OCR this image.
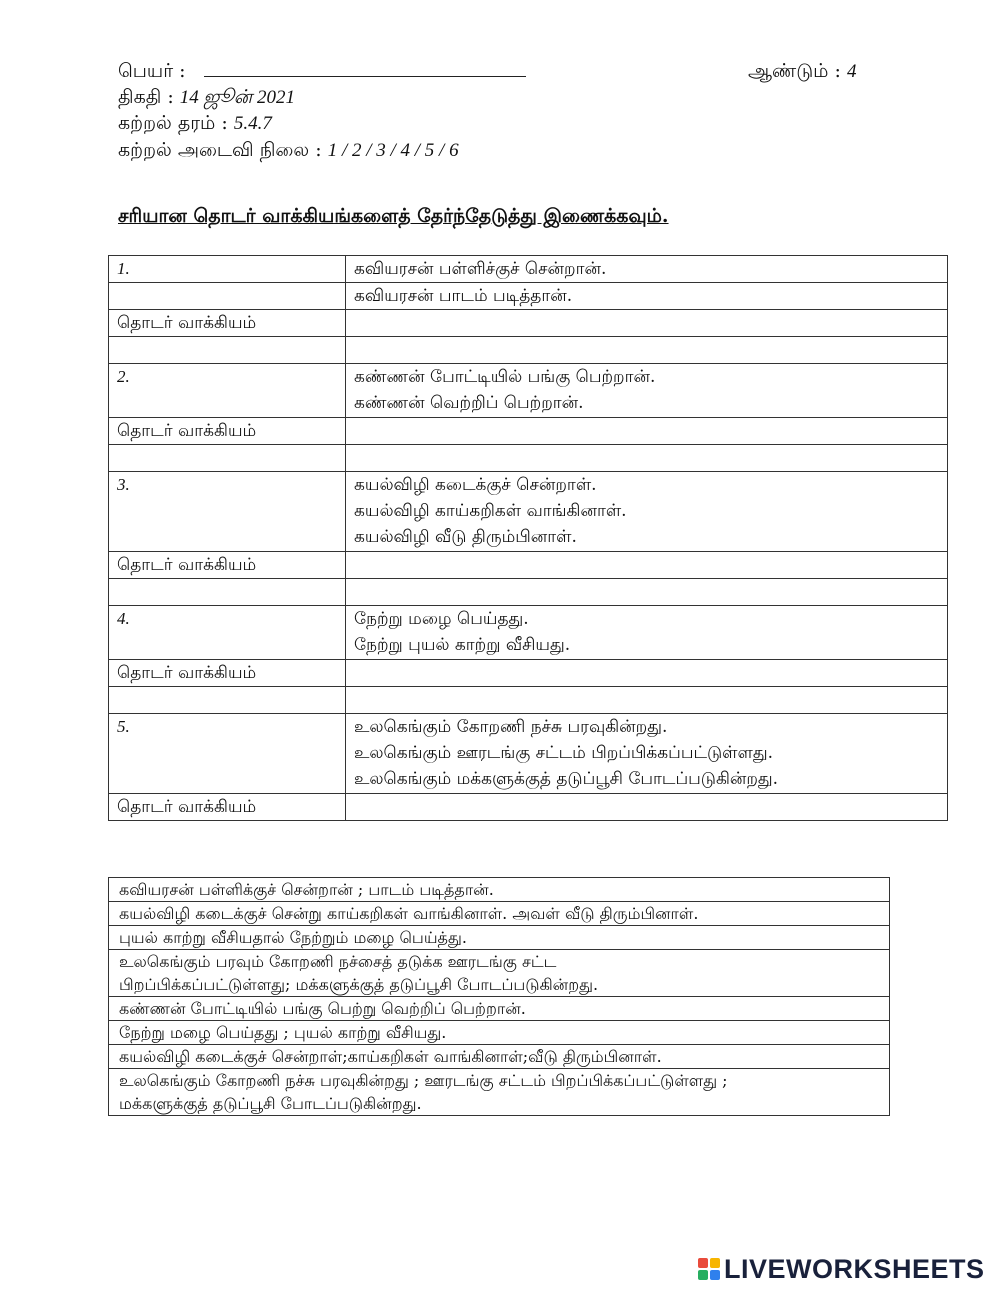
பெயர் :	ஆண்டும் : 4
திகதி : 14 ஜூன் 2021
கற்றல் தரம் : 5.4.7
கற்றல் அடைவி நிலை : 1 / 2 / 3 / 4 / 5 / 6
சரியான தொடர் வாக்கியங்களைத் தேர்ந்தேடுத்து இணைக்கவும்.
1.	கவியரசன் பள்ளிச்குச் சென்றான்.
	கவியரசன் பாடம் படித்தான்.
தொடர் வாக்கியம்	

2.	கண்ணன் போட்டியில் பங்கு பெற்றான்.
கண்ணன் வெற்றிப் பெற்றான்.

தொடர் வாக்கியம்	

3.	கயல்விழி கடைக்குச் சென்றாள்.
கயல்விழி காய்கறிகள் வாங்கினாள்.
கயல்விழி வீடு திரும்பினாள்.

தொடர் வாக்கியம்	

4.	நேற்று மழை பெய்தது.
நேற்று புயல் காற்று வீசியது.

தொடர் வாக்கியம்	

5.	உலகெங்கும் கோறணி நச்சு பரவுகின்றது.
உலகெங்கும் ஊரடங்கு சட்டம் பிறப்பிக்கப்பட்டுள்ளது.
உலகெங்கும் மக்களுக்குத் தடுப்பூசி போடப்படுகின்றது.

தொடர் வாக்கியம்	
கவியரசன் பள்ளிக்குச் சென்றான் ; பாடம் படித்தான்.
கயல்விழி கடைக்குச் சென்று காய்கறிகள் வாங்கினாள். அவள் வீடு திரும்பினாள்.
புயல் காற்று வீசியதால் நேற்றும் மழை பெய்த்து.

உலகெங்கும் பரவும் கோறணி நச்சைத் தடுக்க ஊரடங்கு சட்ட
பிறப்பிக்கப்பட்டுள்ளது; மக்களுக்குத் தடுப்பூசி போடப்படுகின்றது.

கண்ணன் போட்டியில் பங்கு பெற்று வெற்றிப் பெற்றான்.
நேற்று மழை பெய்தது ; புயல் காற்று வீசியது.
கயல்விழி கடைக்குச் சென்றாள்;காய்கறிகள் வாங்கினாள்;வீடு திரும்பினாள்.

உலகெங்கும் கோறணி நச்சு பரவுகின்றது ; ஊரடங்கு சட்டம் பிறப்பிக்கப்பட்டுள்ளது ;
மக்களுக்குத் தடுப்பூசி போடப்படுகின்றது.
LIVEWORKSHEETS
